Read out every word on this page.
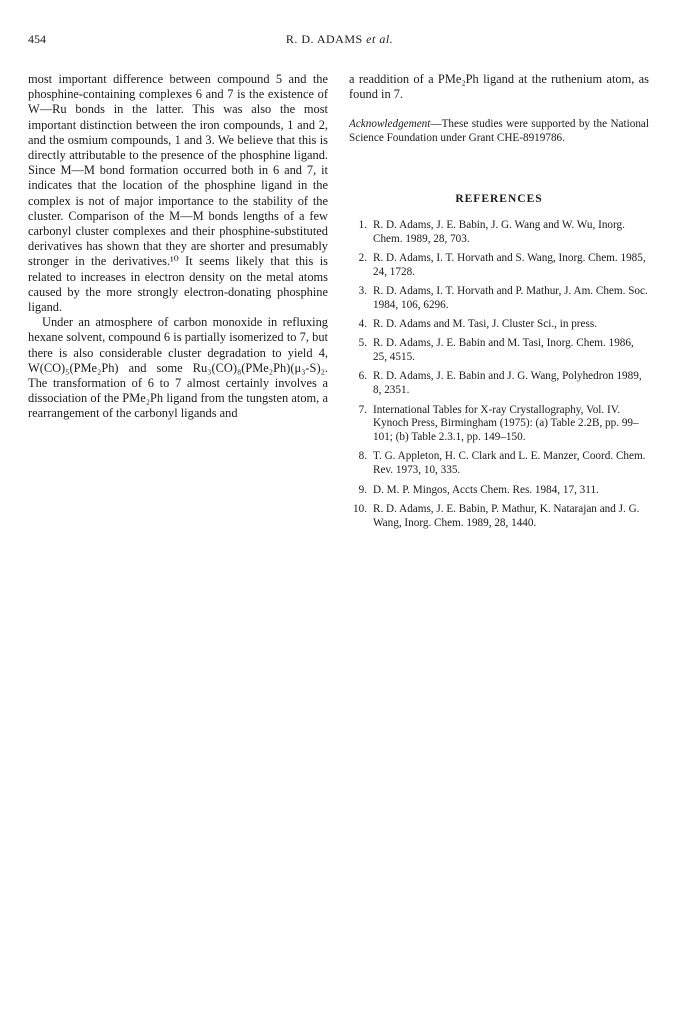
454	R. D. ADAMS et al.

most important difference between compound 5 and the phosphine-containing complexes 6 and 7 is the existence of W—Ru bonds in the latter. This was also the most important distinction between the iron compounds, 1 and 2, and the osmium compounds, 1 and 3. We believe that this is directly attributable to the presence of the phosphine ligand. Since M—M bond formation occurred both in 6 and 7, it indicates that the location of the phosphine ligand in the complex is not of major importance to the stability of the cluster. Comparison of the M—M bonds lengths of a few carbonyl cluster complexes and their phosphine-substituted derivatives has shown that they are shorter and presumably stronger in the derivatives.¹⁰ It seems likely that this is related to increases in electron density on the metal atoms caused by the more strongly electron-donating phosphine ligand.

Under an atmosphere of carbon monoxide in refluxing hexane solvent, compound 6 is partially isomerized to 7, but there is also considerable cluster degradation to yield 4, W(CO)₅(PMe₂Ph) and some Ru₃(CO)₈(PMe₂Ph)(μ₃-S)₂. The transformation of 6 to 7 almost certainly involves a dissociation of the PMe₂Ph ligand from the tungsten atom, a rearrangement of the carbonyl ligands and

a readdition of a PMe₂Ph ligand at the ruthenium atom, as found in 7.

Acknowledgement—These studies were supported by the National Science Foundation under Grant CHE-8919786.

REFERENCES
1. R. D. Adams, J. E. Babin, J. G. Wang and W. Wu, Inorg. Chem. 1989, 28, 703.
2. R. D. Adams, I. T. Horvath and S. Wang, Inorg. Chem. 1985, 24, 1728.
3. R. D. Adams, I. T. Horvath and P. Mathur, J. Am. Chem. Soc. 1984, 106, 6296.
4. R. D. Adams and M. Tasi, J. Cluster Sci., in press.
5. R. D. Adams, J. E. Babin and M. Tasi, Inorg. Chem. 1986, 25, 4515.
6. R. D. Adams, J. E. Babin and J. G. Wang, Polyhedron 1989, 8, 2351.
7. International Tables for X-ray Crystallography, Vol. IV. Kynoch Press, Birmingham (1975): (a) Table 2.2B, pp. 99–101; (b) Table 2.3.1, pp. 149–150.
8. T. G. Appleton, H. C. Clark and L. E. Manzer, Coord. Chem. Rev. 1973, 10, 335.
9. D. M. P. Mingos, Accts Chem. Res. 1984, 17, 311.
10. R. D. Adams, J. E. Babin, P. Mathur, K. Natarajan and J. G. Wang, Inorg. Chem. 1989, 28, 1440.
